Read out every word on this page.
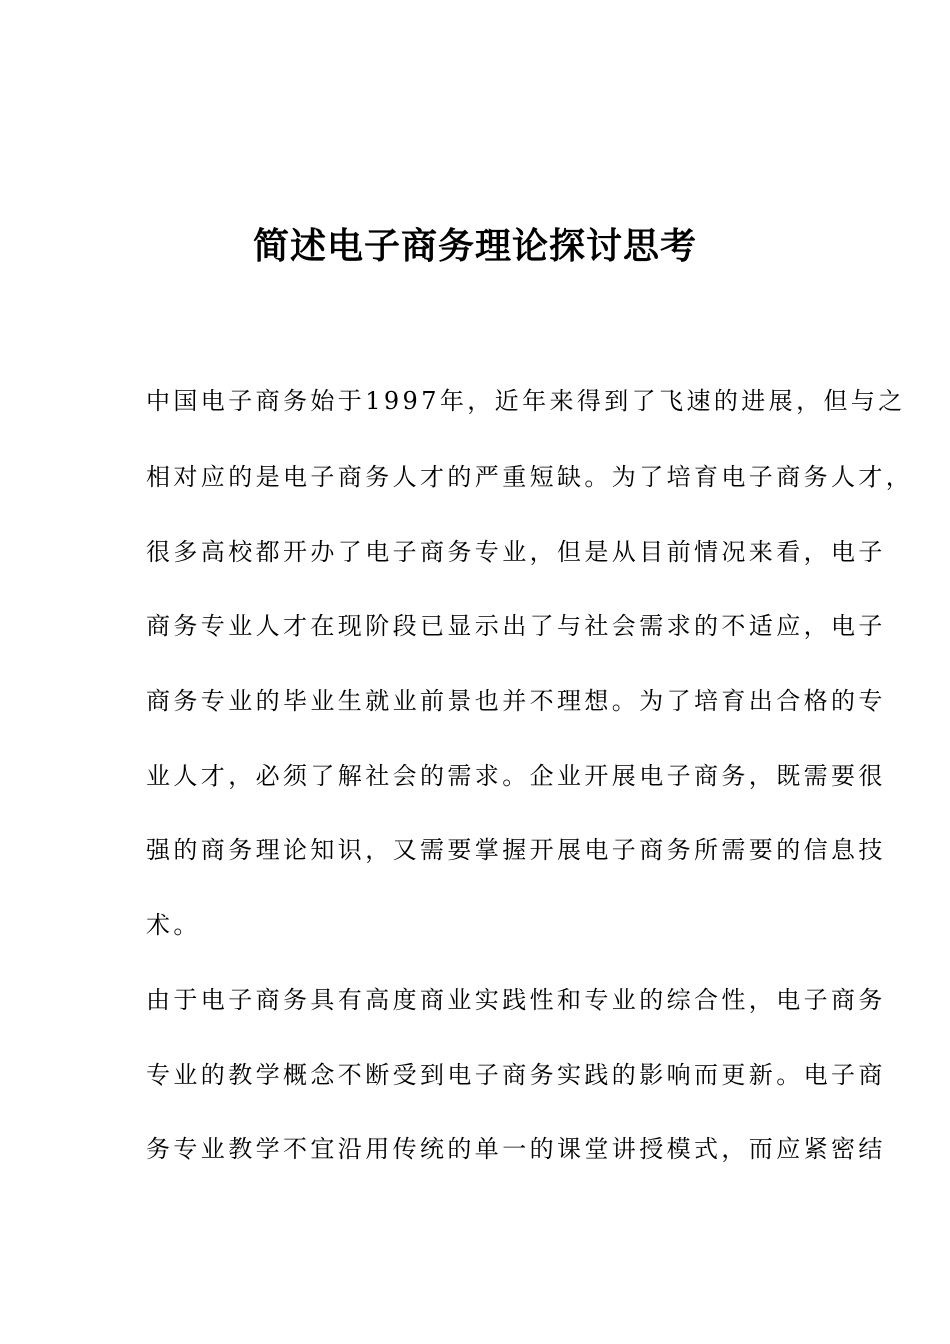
简述电子商务理论探讨思考
中国电子商务始于1997年，近年来得到了飞速的进展，但与之
相对应的是电子商务人才的严重短缺。为了培育电子商务人才，
很多高校都开办了电子商务专业，但是从目前情况来看，电子
商务专业人才在现阶段已显示出了与社会需求的不适应，电子
商务专业的毕业生就业前景也并不理想。为了培育出合格的专
业人才，必须了解社会的需求。企业开展电子商务，既需要很
强的商务理论知识，又需要掌握开展电子商务所需要的信息技
术。
由于电子商务具有高度商业实践性和专业的综合性，电子商务
专业的教学概念不断受到电子商务实践的影响而更新。电子商
务专业教学不宜沿用传统的单一的课堂讲授模式，而应紧密结
